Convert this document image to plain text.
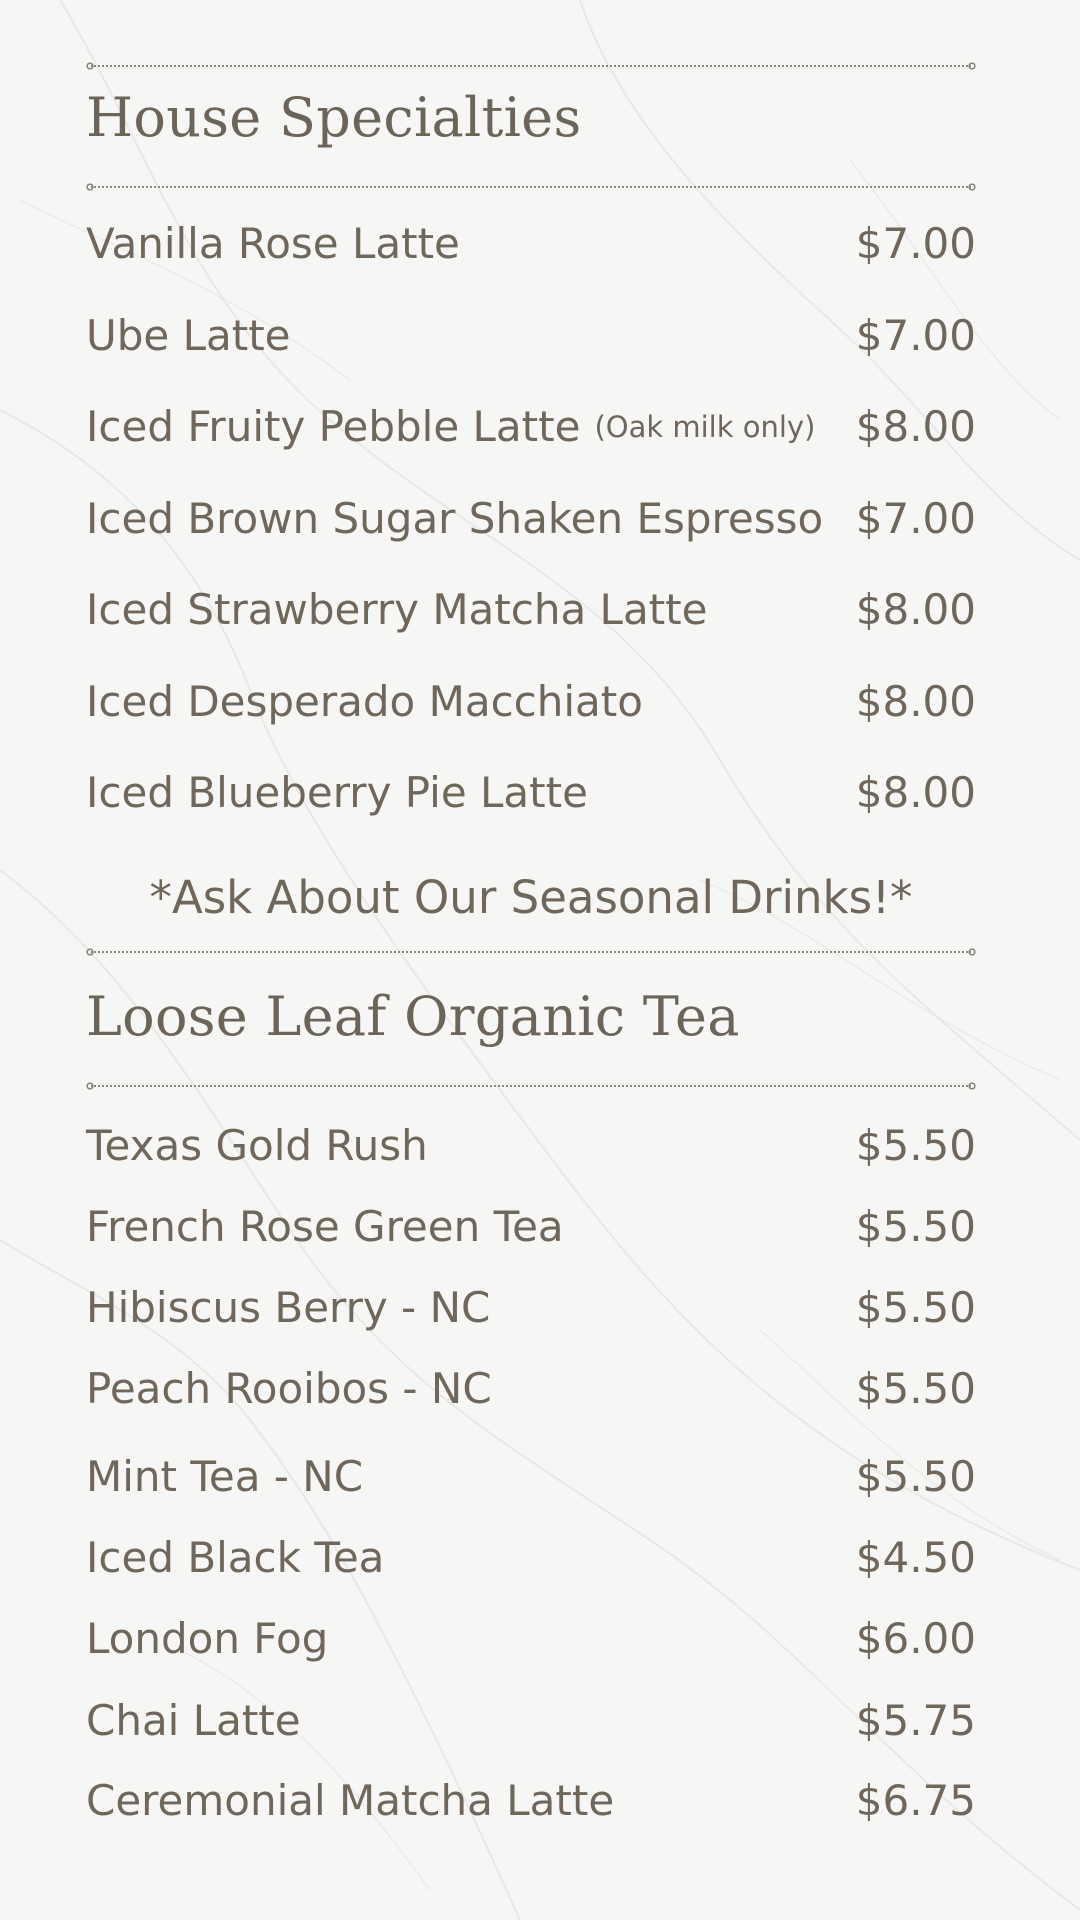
House Specialties
Vanilla Rose Latte	$7.00
Ube Latte	$7.00
Iced Fruity Pebble Latte (Oak milk only) $8.00
Iced Brown Sugar Shaken Espresso $7.00
Iced Strawberry Matcha Latte	$8.00
Iced Desperado Macchiato	$8.00
Iced Blueberry Pie Latte	$8.00
*Ask About Our Seasonal Drinks!*
Loose Leaf Organic Tea
Texas Gold Rush	$5.50
French Rose Green Tea	$5.50
Hibiscus Berry - NC	$5.50
Peach Rooibos - NC	$5.50
Mint Tea - NC	$5.50
Iced Black Tea	$4.50
London Fog	$6.00
Chai Latte	$5.75
Ceremonial Matcha Latte	$6.75
